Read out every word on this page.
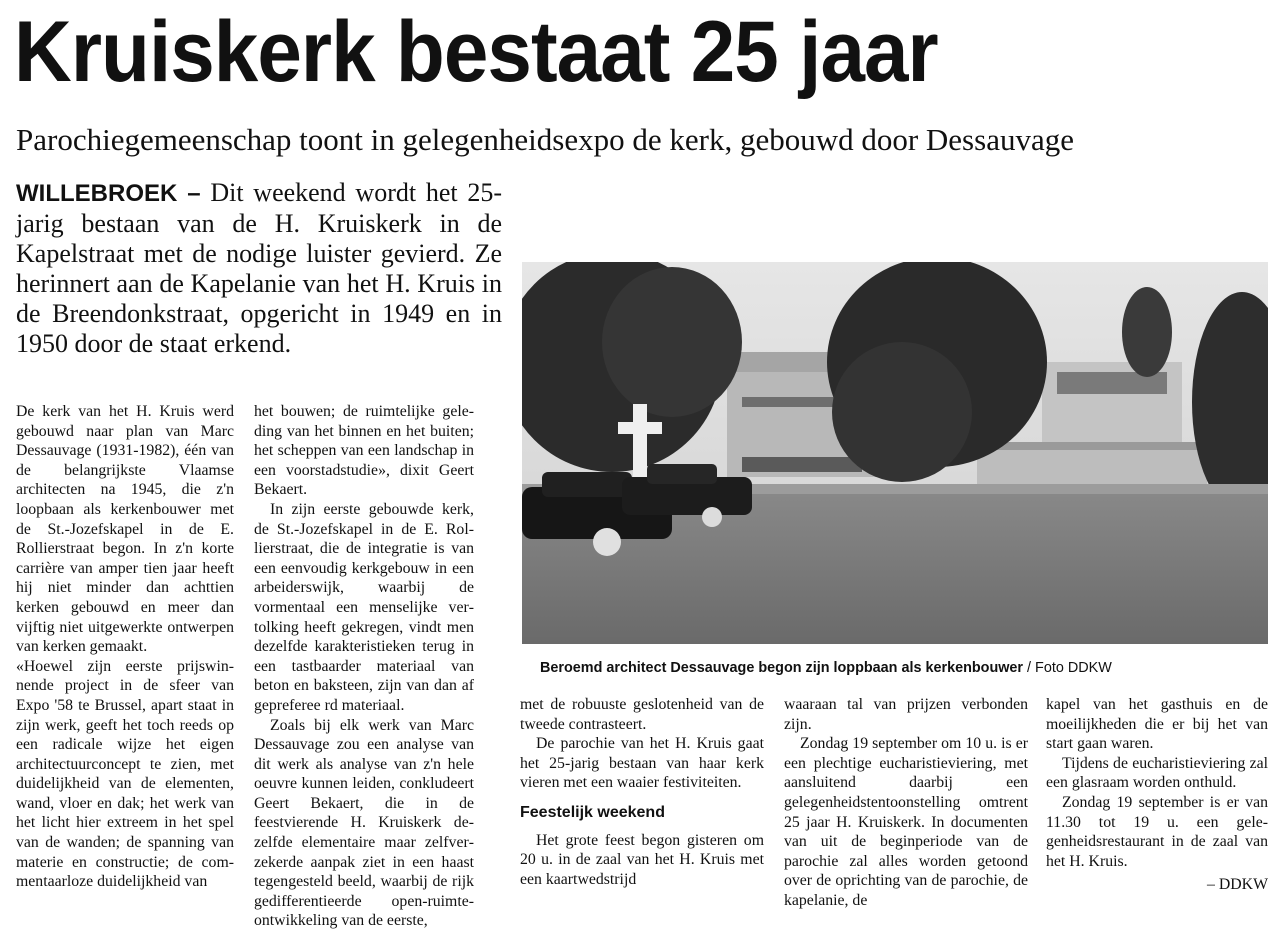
Kruiskerk bestaat 25 jaar
Parochiegemeenschap toont in gelegenheidsexpo de kerk, gebouwd door Dessauvage
WILLEBROEK – Dit weekend wordt het 25-jarig bestaan van de H. Kruiskerk in de Kapelstraat met de nodige luister gevierd. Ze herinnert aan de Kapelanie van het H. Kruis in de Breendonkstraat, opgericht in 1949 en in 1950 door de staat erkend.

De kerk van het H. Kruis werd gebouwd naar plan van Marc Dessauvage (1931-1982), één van de belangrijkste Vlaamse architecten na 1945, die z'n loopbaan als kerkenbouwer met de St.-Jozefskapel in de E. Rollierstraat begon. In z'n korte carrière van amper tien jaar heeft hij niet minder dan achttien kerken gebouwd en meer dan vijftig niet uitgewerkte ontwerpen van kerken gemaakt.

«Hoewel zijn eerste prijswinnende project in de sfeer van Expo '58 te Brussel, apart staat in zijn werk, geeft het toch reeds op een radicale wijze het eigen architectuurconcept te zien, met duidelijkheid van de elementen, wand, vloer en dak; het werk van het licht hier extreem in het spel van de wanden; de spanning van materie en constructie; de commentaarloze duidelijkheid van

het bouwen; de ruimtelijke geleding van het binnen en het buiten; het scheppen van een landschap in een voorstadstudie», dixit Geert Bekaert.

In zijn eerste gebouwde kerk, de St.-Jozefskapel in de E. Rollierstraat, die de integratie is van een eenvoudig kerkgebouw in een arbeiderswijk, waarbij de vormentaal een menselijke vertolking heeft gekregen, vindt men dezelfde karakteristieken terug in een tastbaarder materiaal van beton en baksteen, zijn van dan af gepreferee rd materiaal.

Zoals bij elk werk van Marc Dessauvage zou een analyse van dit werk als analyse van z'n hele oeuvre kunnen leiden, conkludeert Geert Bekaert, die in de feestvierende H. Kruiskerk dezelfde elementaire maar zelfverzekerde aanpak ziet in een haast tegengesteld beeld, waarbij de rijk gedifferentieerde open-ruimte-ontwikkeling van de eerste,

Beroemd architect Dessauvage begon zijn loppbaan als kerkenbouwer / Foto DDKW

met de robuuste geslotenheid van de tweede contrasteert.

De parochie van het H. Kruis gaat het 25-jarig bestaan van haar kerk vieren met een waaier festiviteiten.

Feestelijk weekend

Het grote feest begon gisteren om 20 u. in de zaal van het H. Kruis met een kaartwedstrijd

waaraan tal van prijzen verbonden zijn.

Zondag 19 september om 10 u. is er een plechtige eucharistieviering, met aansluitend daarbij een gelegenheidstentoonstelling omtrent 25 jaar H. Kruiskerk. In documenten van uit de beginperiode van de parochie zal alles worden getoond over de oprichting van de parochie, de kapelanie, de

kapel van het gasthuis en de moeilijkheden die er bij het van start gaan waren.

Tijdens de eucharistieviering zal een glasraam worden onthuld.

Zondag 19 september is er van 11.30 tot 19 u. een gelegenheidsrestaurant in de zaal van het H. Kruis.

– DDKW
